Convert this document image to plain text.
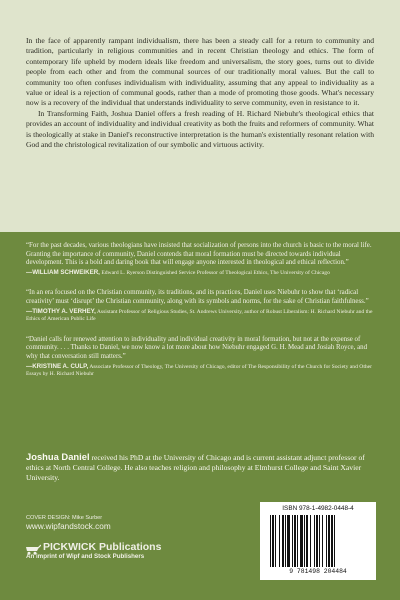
In the face of apparently rampant individualism, there has been a steady call for a return to community and tradition, particularly in religious communities and in recent Christian theology and ethics. The form of contemporary life upheld by modern ideals like freedom and universalism, the story goes, turns out to divide people from each other and from the communal sources of our traditionally moral values. But the call to community too often confuses individualism with individuality, assuming that any appeal to individuality as a value or ideal is a rejection of communal goods, rather than a mode of promoting those goods. What's necessary now is a recovery of the individual that understands individuality to serve community, even in resistance to it.

In Transforming Faith, Joshua Daniel offers a fresh reading of H. Richard Niebuhr's theological ethics that provides an account of individuality and individual creativity as both the fruits and reformers of community. What is theologically at stake in Daniel's reconstructive interpretation is the human's existentially resonant relation with God and the christological revitalization of our symbolic and virtuous activity.

“For the past decades, various theologians have insisted that socialization of persons into the church is basic to the moral life. Granting the importance of community, Daniel contends that moral formation must be directed towards individual development. This is a bold and daring book that will engage anyone interested in theological and ethical reflection.”

—WILLIAM SCHWEIKER, Edward L. Ryerson Distinguished Service Professor of Theological Ethics, The University of Chicago

“In an era focused on the Christian community, its traditions, and its practices, Daniel uses Niebuhr to show that ‘radical creativity’ must ‘disrupt’ the Christian community, along with its symbols and norms, for the sake of Christian faithfulness.”

—TIMOTHY A. VERHEY, Assistant Professor of Religious Studies, St. Andrews University, author of Robust Liberalism: H. Richard Niebuhr and the Ethics of American Public Life

“Daniel calls for renewed attention to individuality and individual creativity in moral formation, but not at the expense of community. . . . Thanks to Daniel, we now know a lot more about how Niebuhr engaged G. H. Mead and Josiah Royce, and why that conversation still matters.”

—KRISTINE A. CULP, Associate Professor of Theology, The University of Chicago, editor of The Responsibility of the Church for Society and Other Essays by H. Richard Niebuhr

Joshua Daniel received his PhD at the University of Chicago and is current assistant adjunct professor of ethics at North Central College. He also teaches religion and philosophy at Elmhurst College and Saint Xavier University.
COVER DESIGN: Mike Surber
www.wipfandstock.com
PICKWICK Publications
An imprint of Wipf and Stock Publishers
ISBN 978-1-4982-0448-4
9 781498 204484
